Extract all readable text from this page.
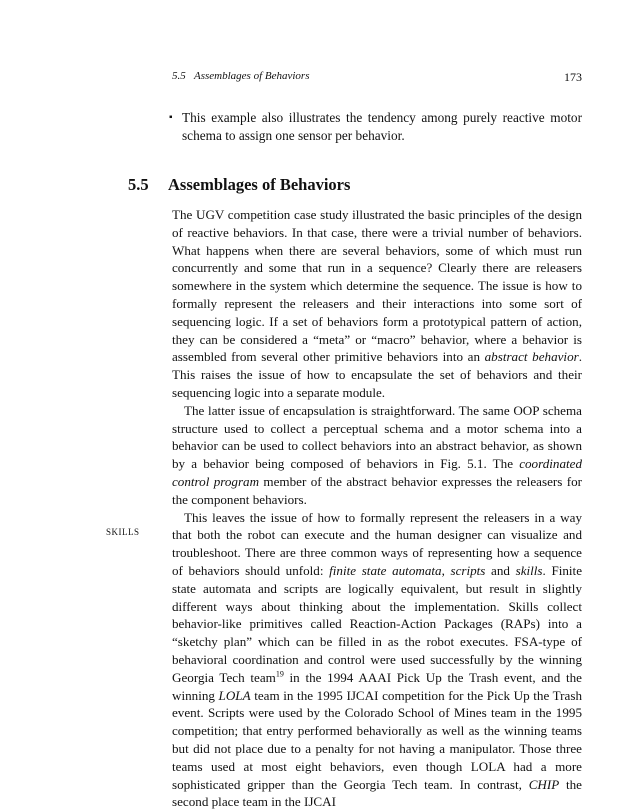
5.5 Assemblages of Behaviors	173
▪ This example also illustrates the tendency among purely reactive motor schema to assign one sensor per behavior.
5.5 Assemblages of Behaviors
SKILLS

The UGV competition case study illustrated the basic principles of the design of reactive behaviors. In that case, there were a trivial number of behaviors. What happens when there are several behaviors, some of which must run concurrently and some that run in a sequence? Clearly there are releasers somewhere in the system which determine the sequence. The issue is how to formally represent the releasers and their interactions into some sort of sequencing logic. If a set of behaviors form a prototypical pattern of action, they can be considered a “meta” or “macro” behavior, where a behavior is assembled from several other primitive behaviors into an abstract behavior. This raises the issue of how to encapsulate the set of behaviors and their sequencing logic into a separate module.

The latter issue of encapsulation is straightforward. The same OOP schema structure used to collect a perceptual schema and a motor schema into a behavior can be used to collect behaviors into an abstract behavior, as shown by a behavior being composed of behaviors in Fig. 5.1. The coordinated control program member of the abstract behavior expresses the releasers for the component behaviors.

This leaves the issue of how to formally represent the releasers in a way that both the robot can execute and the human designer can visualize and troubleshoot. There are three common ways of representing how a sequence of behaviors should unfold: finite state automata, scripts and skills. Finite state automata and scripts are logically equivalent, but result in slightly different ways about thinking about the implementation. Skills collect behavior-like primitives called Reaction-Action Packages (RAPs) into a “sketchy plan” which can be filled in as the robot executes. FSA-type of behavioral coordination and control were used successfully by the winning Georgia Tech team$^{19}$ in the 1994 AAAI Pick Up the Trash event, and the winning LOLA team in the 1995 IJCAI competition for the Pick Up the Trash event. Scripts were used by the Colorado School of Mines team in the 1995 competition; that entry performed behaviorally as well as the winning teams but did not place due to a penalty for not having a manipulator. Those three teams used at most eight behaviors, even though LOLA had a more sophisticated gripper than the Georgia Tech team. In contrast, CHIP the second place team in the IJCAI
